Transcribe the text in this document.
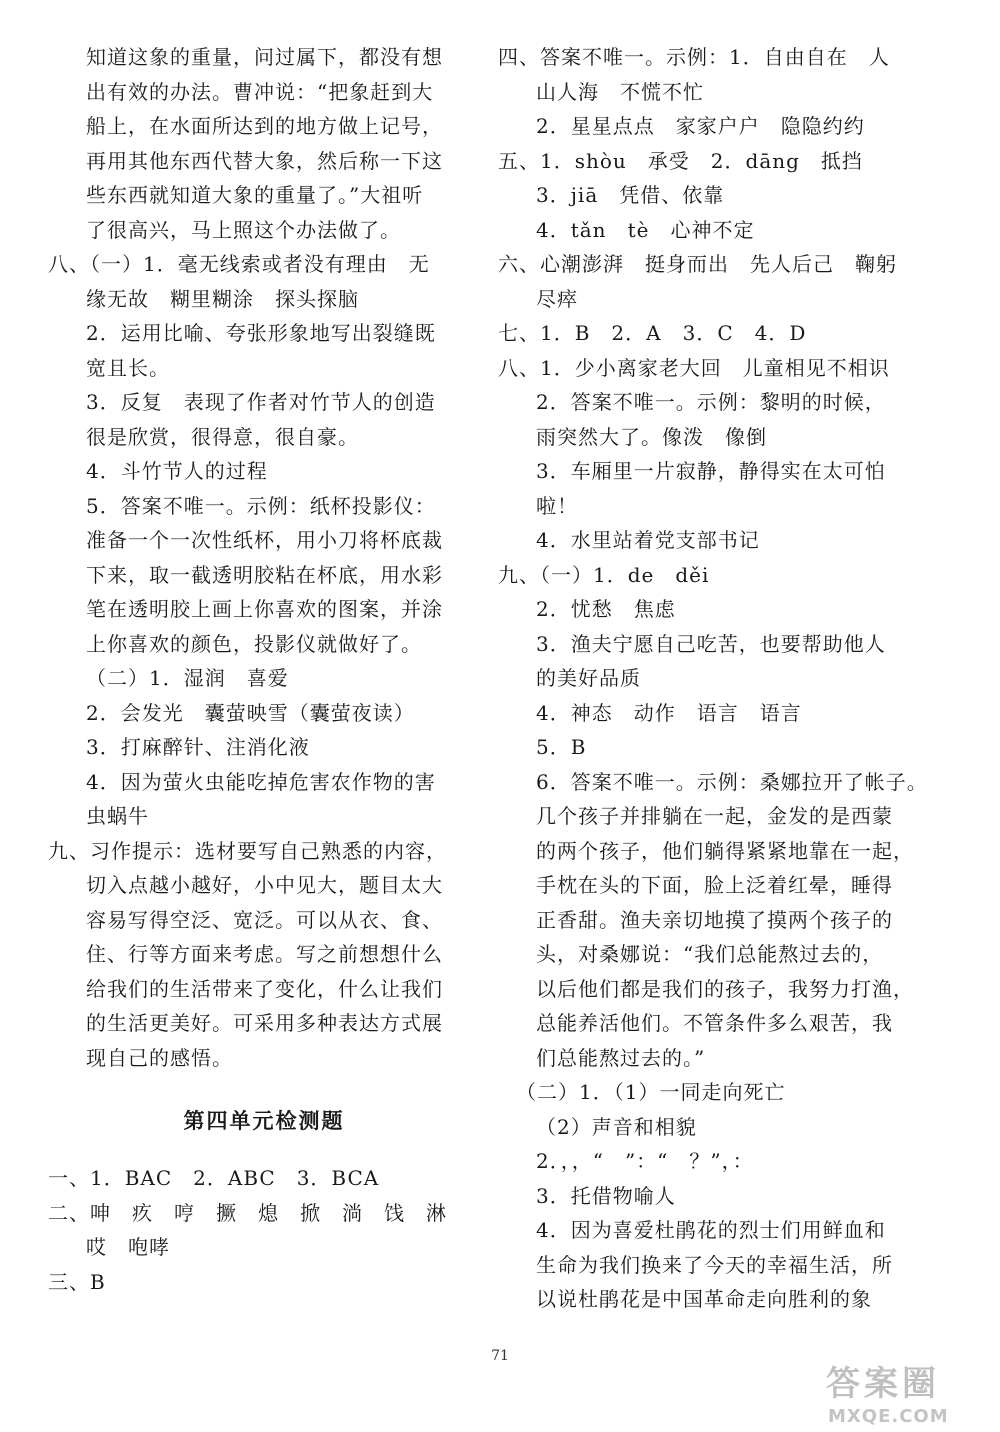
知道这象的重量，问过属下，都没有想
出有效的办法。曹冲说：“把象赶到大
船上，在水面所达到的地方做上记号，
再用其他东西代替大象，然后称一下这
些东西就知道大象的重量了。”大祖听
了很高兴，马上照这个办法做了。
八、（一）1．毫无线索或者没有理由　无
缘无故　糊里糊涂　探头探脑
2．运用比喻、夸张形象地写出裂缝既
宽且长。
3．反复　表现了作者对竹节人的创造
很是欣赏，很得意，很自豪。
4．斗竹节人的过程
5．答案不唯一。示例：纸杯投影仪：
准备一个一次性纸杯，用小刀将杯底裁
下来，取一截透明胶粘在杯底，用水彩
笔在透明胶上画上你喜欢的图案，并涂
上你喜欢的颜色，投影仪就做好了。
（二）1．湿润　喜爱
2．会发光　囊萤映雪（囊萤夜读）
3．打麻醉针、注消化液
4．因为萤火虫能吃掉危害农作物的害
虫蜗牛
九、习作提示：选材要写自己熟悉的内容，
切入点越小越好，小中见大，题目太大
容易写得空泛、宽泛。可以从衣、食、
住、行等方面来考虑。写之前想想什么
给我们的生活带来了变化，什么让我们
的生活更美好。可采用多种表达方式展
现自己的感悟。
第四单元检测题
一、1．BAC　2．ABC　3．BCA
二、呻　疚　哼　撅　熄　掀　淌　饯　淋
哎　咆哮
三、B
四、答案不唯一。示例：1．自由自在　人
山人海　不慌不忙
2．星星点点　家家户户　隐隐约约
五、1．shòu　承受　2．dāng　抵挡
3．jiā　凭借、依靠
4．tǎn　tè　心神不定
六、心潮澎湃　挺身而出　先人后己　鞠躬
尽瘁
七、1．B　2．A　3．C　4．D
八、1．少小离家老大回　儿童相见不相识
2．答案不唯一。示例：黎明的时候，
雨突然大了。像泼　像倒
3．车厢里一片寂静，静得实在太可怕
啦！
4．水里站着党支部书记
九、（一）1．de　děi
2．忧愁　焦虑
3．渔夫宁愿自己吃苦，也要帮助他人
的美好品质
4．神态　动作　语言　语言
5．B
6．答案不唯一。示例：桑娜拉开了帐子。
几个孩子并排躺在一起，金发的是西蒙
的两个孩子，他们躺得紧紧地靠在一起，
手枕在头的下面，脸上泛着红晕，睡得
正香甜。渔夫亲切地摸了摸两个孩子的
头，对桑娜说：“我们总能熬过去的，
以后他们都是我们的孩子，我努力打渔，
总能养活他们。不管条件多么艰苦，我
们总能熬过去的。”
（二）1．（1）一同走向死亡
（2）声音和相貌
2．，，“　”：“　？”，：
3．托借物喻人
4．因为喜爱杜鹃花的烈士们用鲜血和
生命为我们换来了今天的幸福生活，所
以说杜鹃花是中国革命走向胜利的象
71
答案圈
MXQE.COM
